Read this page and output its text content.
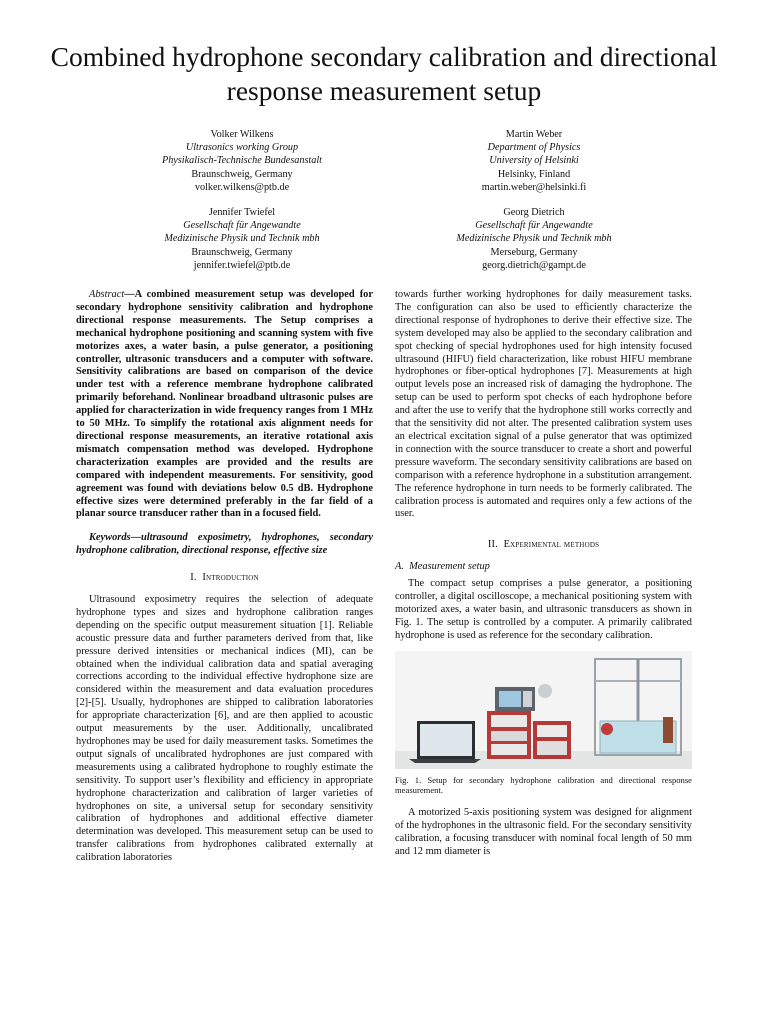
Combined hydrophone secondary calibration and directional response measurement setup
Volker Wilkens
Ultrasonics working Group
Physikalisch-Technische Bundesanstalt
Braunschweig, Germany
volker.wilkens@ptb.de
Martin Weber
Department of Physics
University of Helsinki
Helsinky, Finland
martin.weber@helsinki.fi
Jennifer Twiefel
Gesellschaft für Angewandte
Medizinische Physik und Technik mbh
Braunschweig, Germany
jennifer.twiefel@ptb.de
Georg Dietrich
Gesellschaft für Angewandte
Medizinische Physik und Technik mbh
Merseburg, Germany
georg.dietrich@gampt.de

Abstract—A combined measurement setup was developed for secondary hydrophone sensitivity calibration and hydrophone directional response measurements. The Setup comprises a mechanical hydrophone positioning and scanning system with five motorizes axes, a water basin, a pulse generator, a positioning controller, ultrasonic transducers and a computer with software. Sensitivity calibrations are based on comparison of the device under test with a reference membrane hydrophone calibrated primarily beforehand. Nonlinear broadband ultrasonic pulses are applied for characterization in wide frequency ranges from 1 MHz to 50 MHz. To simplify the rotational axis alignment needs for directional response measurements, an iterative rotational axis mismatch compensation method was developed. Hydrophone characterization examples are provided and the results are compared with independent measurements. For sensitivity, good agreement was found with deviations below 0.5 dB. Hydrophone effective sizes were determined preferably in the far field of a planar source transducer rather than in a focused field.

Keywords—ultrasound exposimetry, hydrophones, secondary hydrophone calibration, directional response, effective size

I. Introduction

Ultrasound exposimetry requires the selection of adequate hydrophone types and sizes and hydrophone calibration ranges depending on the specific output measurement situation [1]. Reliable acoustic pressure data and further parameters derived from that, like pressure derived intensities or mechanical indices (MI), can be obtained when the individual calibration data and spatial averaging corrections according to the individual effective hydrophone size are considered within the measurement and data evaluation procedures [2]-[5]. Usually, hydrophones are shipped to calibration laboratories for appropriate characterization [6], and are then applied to acoustic output measurements by the user. Additionally, uncalibrated hydrophones may be used for daily measurement tasks. Sometimes the output signals of uncalibrated hydrophones are just compared with measurements using a calibrated hydrophone to roughly estimate the sensitivity. To support user’s flexibility and efficiency in appropriate hydrophone characterization and calibration of larger varieties of hydrophones on site, a universal setup for secondary sensitivity calibration of hydrophones and additional effective diameter determination was developed. This measurement setup can be used to transfer calibrations from hydrophones calibrated externally at calibration laboratories

towards further working hydrophones for daily measurement tasks. The configuration can also be used to efficiently characterize the directional response of hydrophones to derive their effective size. The system developed may also be applied to the secondary calibration and spot checking of special hydrophones used for high intensity focused ultrasound (HIFU) field characterization, like robust HIFU membrane hydrophones or fiber-optical hydrophones [7]. Measurements at high output levels pose an increased risk of damaging the hydrophone. The setup can be used to perform spot checks of each hydrophone before and after the use to verify that the hydrophone still works correctly and that the sensitivity did not alter. The presented calibration system uses an electrical excitation signal of a pulse generator that was optimized in connection with the source transducer to create a short and powerful pressure waveform. The secondary sensitivity calibrations are based on comparison with a reference hydrophone in a substitution arrangement. The reference hydrophone in turn needs to be formerly calibrated. The calibration process is automated and requires only a few actions of the user.

II. Experimental methods
A. Measurement setup

The compact setup comprises a pulse generator, a positioning controller, a digital oscilloscope, a mechanical positioning system with motorized axes, a water basin, and ultrasonic transducers as shown in Fig. 1. The setup is controlled by a computer. A primarily calibrated hydrophone is used as reference for the secondary calibration.

Fig. 1. Setup for secondary hydrophone calibration and directional response measurement.

A motorized 5-axis positioning system was designed for alignment of the hydrophones in the ultrasonic field. For the secondary sensitivity calibration, a focusing transducer with nominal focal length of 50 mm and 12 mm diameter is
